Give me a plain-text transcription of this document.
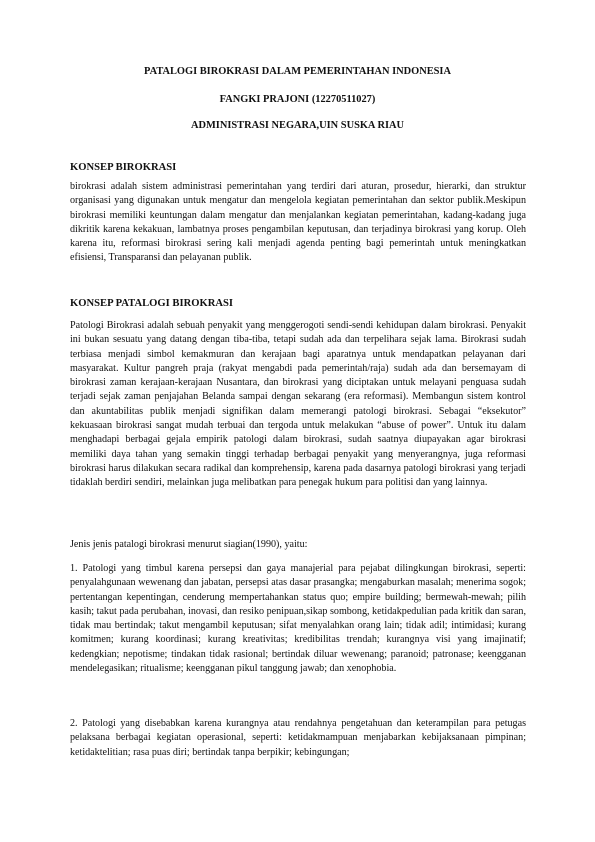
PATALOGI BIROKRASI DALAM PEMERINTAHAN INDONESIA
FANGKI PRAJONI (12270511027)
ADMINISTRASI NEGARA,UIN SUSKA RIAU
KONSEP BIROKRASI

birokrasi adalah sistem administrasi pemerintahan yang terdiri dari aturan, prosedur, hierarki, dan struktur organisasi yang digunakan untuk mengatur dan mengelola kegiatan pemerintahan dan sektor publik.Meskipun birokrasi memiliki keuntungan dalam mengatur dan menjalankan kegiatan pemerintahan, kadang-kadang juga dikritik karena kekakuan, lambatnya proses pengambilan keputusan, dan terjadinya birokrasi yang korup. Oleh karena itu, reformasi birokrasi sering kali menjadi agenda penting bagi pemerintah untuk meningkatkan efisiensi, Transparansi dan pelayanan publik.

KONSEP PATALOGI BIROKRASI

Patologi Birokrasi adalah sebuah penyakit yang menggerogoti sendi-sendi kehidupan dalam birokrasi. Penyakit ini bukan sesuatu yang datang dengan tiba-tiba, tetapi sudah ada dan terpelihara sejak lama. Birokrasi sudah terbiasa menjadi simbol kemakmuran dan kerajaan bagi aparatnya untuk mendapatkan pelayanan dari masyarakat. Kultur pangreh praja (rakyat mengabdi pada pemerintah/raja) sudah ada dan bersemayam di birokrasi zaman kerajaan-kerajaan Nusantara, dan birokrasi yang diciptakan untuk melayani penguasa sudah terjadi sejak zaman penjajahan Belanda sampai dengan sekarang (era reformasi). Membangun sistem kontrol dan akuntabilitas publik menjadi signifikan dalam memerangi patologi birokrasi. Sebagai “eksekutor” kekuasaan birokrasi sangat mudah terbuai dan tergoda untuk melakukan “abuse of power”. Untuk itu dalam menghadapi berbagai gejala empirik patologi dalam birokrasi, sudah saatnya diupayakan agar birokrasi memiliki daya tahan yang semakin tinggi terhadap berbagai penyakit yang menyerangnya, juga reformasi birokrasi harus dilakukan secara radikal dan komprehensip, karena pada dasarnya patologi birokrasi yang terjadi tidaklah berdiri sendiri, melainkan juga melibatkan para penegak hukum para politisi dan yang lainnya.

Jenis jenis patalogi birokrasi menurut siagian(1990), yaitu:

1. Patologi yang timbul karena persepsi dan gaya manajerial para pejabat dilingkungan birokrasi, seperti: penyalahgunaan wewenang dan jabatan, persepsi atas dasar prasangka; mengaburkan masalah; menerima sogok; pertentangan kepentingan, cenderung mempertahankan status quo; empire building; bermewah-mewah; pilih kasih; takut pada perubahan, inovasi, dan resiko penipuan,sikap sombong, ketidakpedulian pada kritik dan saran, tidak mau bertindak; takut mengambil keputusan; sifat menyalahkan orang lain; tidak adil; intimidasi; kurang komitmen; kurang koordinasi; kurang kreativitas; kredibilitas trendah; kurangnya visi yang imajinatif; kedengkian; nepotisme; tindakan tidak rasional; bertindak diluar wewenang; paranoid; patronase; keengganan mendelegasikan; ritualisme; keengganan pikul tanggung jawab; dan xenophobia.

2. Patologi yang disebabkan karena kurangnya atau rendahnya pengetahuan dan keterampilan para petugas pelaksana berbagai kegiatan operasional, seperti: ketidakmampuan menjabarkan kebijaksanaan pimpinan; ketidaktelitian; rasa puas diri; bertindak tanpa berpikir; kebingungan;
